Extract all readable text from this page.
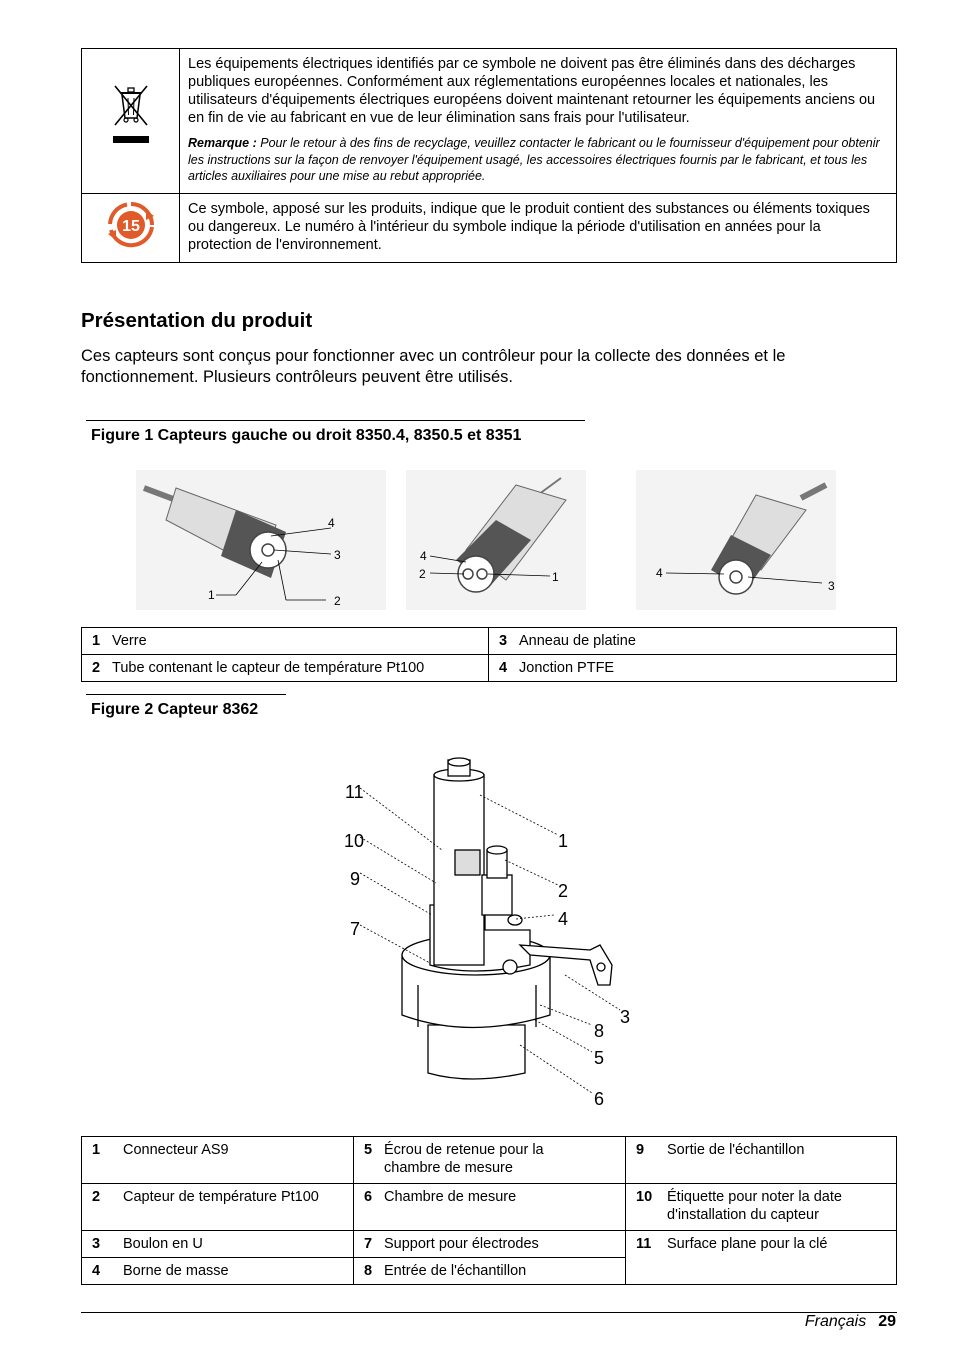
Les équipements électriques identifiés par ce symbole ne doivent pas être éliminés dans des décharges publiques européennes. Conformément aux réglementations européennes locales et nationales, les utilisateurs d'équipements électriques européens doivent maintenant retourner les équipements anciens ou en fin de vie au fabricant en vue de leur élimination sans frais pour l'utilisateur.
Remarque : Pour le retour à des fins de recyclage, veuillez contacter le fabricant ou le fournisseur d'équipement pour obtenir les instructions sur la façon de renvoyer l'équipement usagé, les accessoires électriques fournis par le fabricant, et tous les articles auxiliaires pour une mise au rebut appropriée.

15	Ce symbole, apposé sur les produits, indique que le produit contient des substances ou éléments toxiques ou dangereux. Le numéro à l'intérieur du symbole indique la période d'utilisation en années pour la protection de l'environnement.
Présentation du produit
Ces capteurs sont conçus pour fonctionner avec un contrôleur pour la collecte des données et le fonctionnement. Plusieurs contrôleurs peuvent être utilisés.
Figure 1 Capteurs gauche ou droit 8350.4, 8350.5 et 8351
4
3
1	2
4
2	1	4
3
1 Verre	3 Anneau de platine
2 Tube contenant le capteur de température Pt100	4 Jonction PTFE
Figure 2 Capteur 8362
11
10
9
7
1
2
4
3
8
5
6
1 Connecteur AS9	5 Écrou de retenue pour la chambre de mesure	9 Sortie de l'échantillon
2 Capteur de température Pt100	6 Chambre de mesure	10 Étiquette pour noter la date d'installation du capteur
3 Boulon en U	7 Support pour électrodes	11 Surface plane pour la clé
4 Borne de masse	8 Entrée de l'échantillon	
Français 29
